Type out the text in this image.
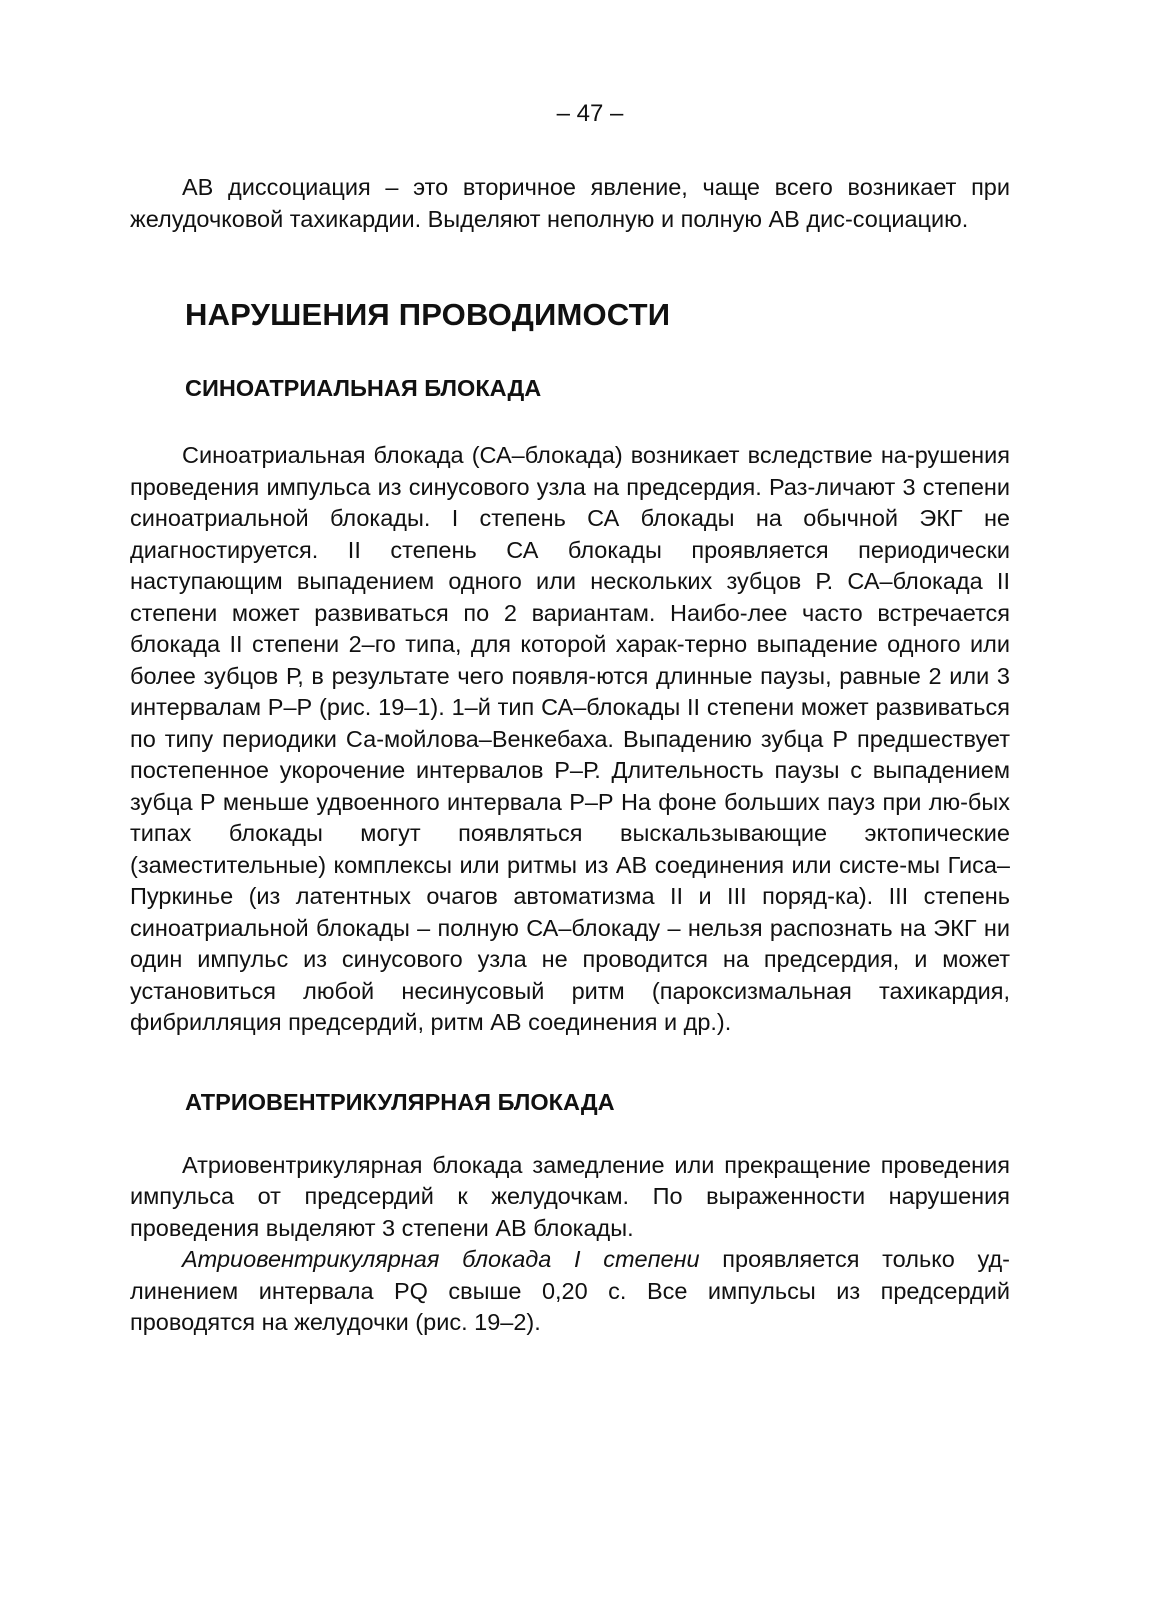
– 47 –

АВ диссоциация – это вторичное явление, чаще всего возникает при желудочковой тахикардии. Выделяют неполную и полную АВ дис-социацию.

НАРУШЕНИЯ ПРОВОДИМОСТИ
СИНОАТРИАЛЬНАЯ БЛОКАДА

Синоатриальная блокада (СА–блокада) возникает вследствие на-рушения проведения импульса из синусового узла на предсердия. Раз-личают 3 степени синоатриальной блокады. I степень СА блокады на обычной ЭКГ не диагностируется. II степень СА блокады проявляется периодически наступающим выпадением одного или нескольких зубцов Р. СА–блокада II степени может развиваться по 2 вариантам. Наибо-лее часто встречается блокада II степени 2–го типа, для которой харак-терно выпадение одного или более зубцов Р, в результате чего появля-ются длинные паузы, равные 2 или 3 интервалам Р–Р (рис. 19–1). 1–й тип СА–блокады II степени может развиваться по типу периодики Са-мойлова–Венкебаха. Выпадению зубца Р предшествует постепенное укорочение интервалов Р–Р. Длительность паузы с выпадением зубца Р меньше удвоенного интервала Р–Р На фоне больших пауз при лю-бых типах блокады могут появляться выскальзывающие эктопические (заместительные) комплексы или ритмы из АВ соединения или систе-мы Гиса–Пуркинье (из латентных очагов автоматизма II и III поряд-ка). III степень синоатриальной блокады – полную СА–блокаду – нельзя распознать на ЭКГ ни один импульс из синусового узла не проводится на предсердия, и может установиться любой несинусовый ритм (пароксизмальная тахикардия, фибрилляция предсердий, ритм АВ соединения и др.).

АТРИОВЕНТРИКУЛЯРНАЯ БЛОКАДА

Атриовентрикулярная блокада замедление или прекращение проведения импульса от предсердий к желудочкам. По выраженности нарушения проведения выделяют 3 степени АВ блокады.

Атриовентрикулярная блокада I степени проявляется только уд-линением интервала PQ свыше 0,20 с. Все импульсы из предсердий проводятся на желудочки (рис. 19–2).
